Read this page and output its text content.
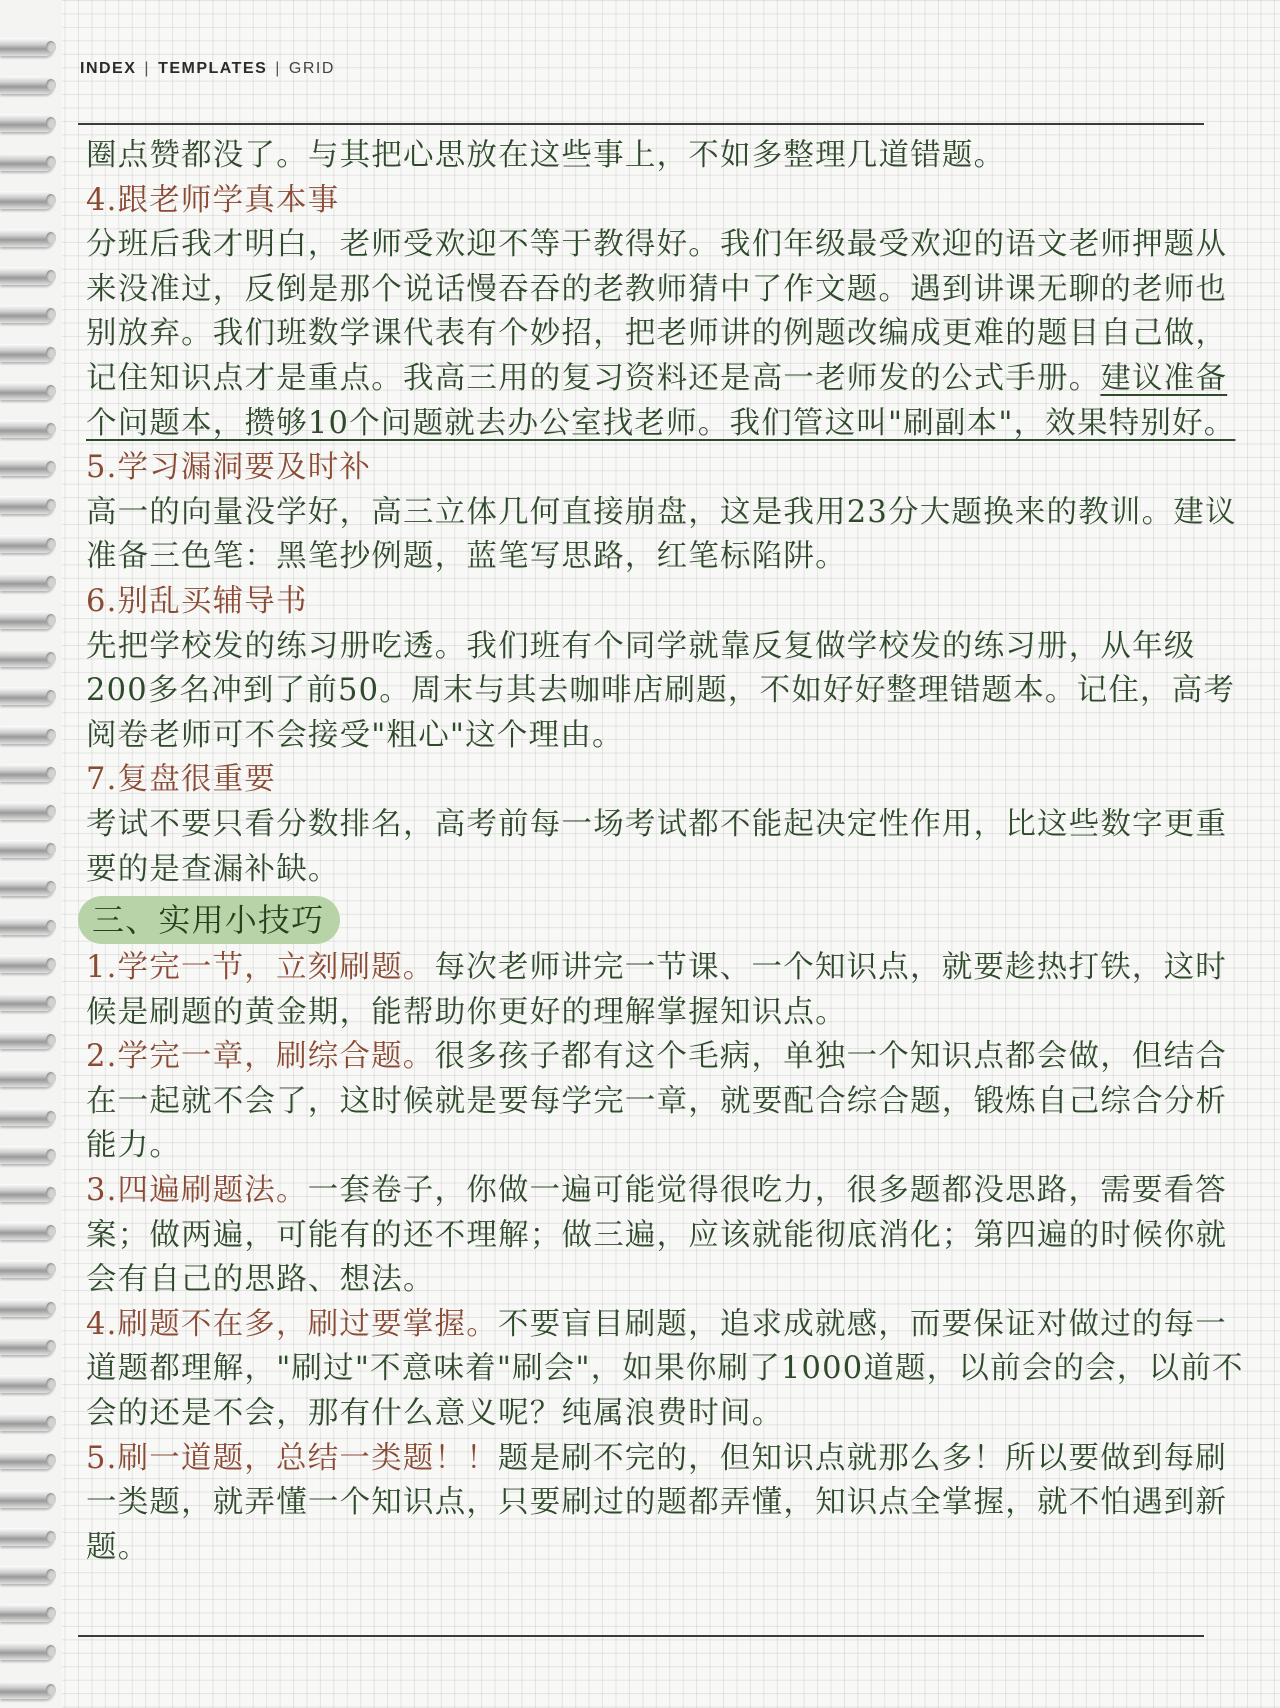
INDEX | TEMPLATES | GRID

圈点赞都没了。与其把心思放在这些事上，不如多整理几道错题。

4.跟老师学真本事

分班后我才明白，老师受欢迎不等于教得好。我们年级最受欢迎的语文老师押题从来没准过，反倒是那个说话慢吞吞的老教师猜中了作文题。遇到讲课无聊的老师也别放弃。我们班数学课代表有个妙招，把老师讲的例题改编成更难的题目自己做，记住知识点才是重点。我高三用的复习资料还是高一老师发的公式手册。建议准备个问题本，攒够10个问题就去办公室找老师。我们管这叫"刷副本"，效果特别好。

5.学习漏洞要及时补

高一的向量没学好，高三立体几何直接崩盘，这是我用23分大题换来的教训。建议准备三色笔：黑笔抄例题，蓝笔写思路，红笔标陷阱。

6.别乱买辅导书

先把学校发的练习册吃透。我们班有个同学就靠反复做学校发的练习册，从年级200多名冲到了前50。周末与其去咖啡店刷题，不如好好整理错题本。记住，高考阅卷老师可不会接受"粗心"这个理由。

7.复盘很重要

考试不要只看分数排名，高考前每一场考试都不能起决定性作用，比这些数字更重要的是查漏补缺。

三、实用小技巧

1.学完一节，立刻刷题。每次老师讲完一节课、一个知识点，就要趁热打铁，这时候是刷题的黄金期，能帮助你更好的理解掌握知识点。

2.学完一章，刷综合题。很多孩子都有这个毛病，单独一个知识点都会做，但结合在一起就不会了，这时候就是要每学完一章，就要配合综合题，锻炼自己综合分析能力。

3.四遍刷题法。一套卷子，你做一遍可能觉得很吃力，很多题都没思路，需要看答案；做两遍，可能有的还不理解；做三遍，应该就能彻底消化；第四遍的时候你就会有自己的思路、想法。

4.刷题不在多，刷过要掌握。不要盲目刷题，追求成就感，而要保证对做过的每一道题都理解，"刷过"不意味着"刷会"，如果你刷了1000道题，以前会的会，以前不会的还是不会，那有什么意义呢？纯属浪费时间。

5.刷一道题，总结一类题！！题是刷不完的，但知识点就那么多！所以要做到每刷一类题，就弄懂一个知识点，只要刷过的题都弄懂，知识点全掌握，就不怕遇到新题。
